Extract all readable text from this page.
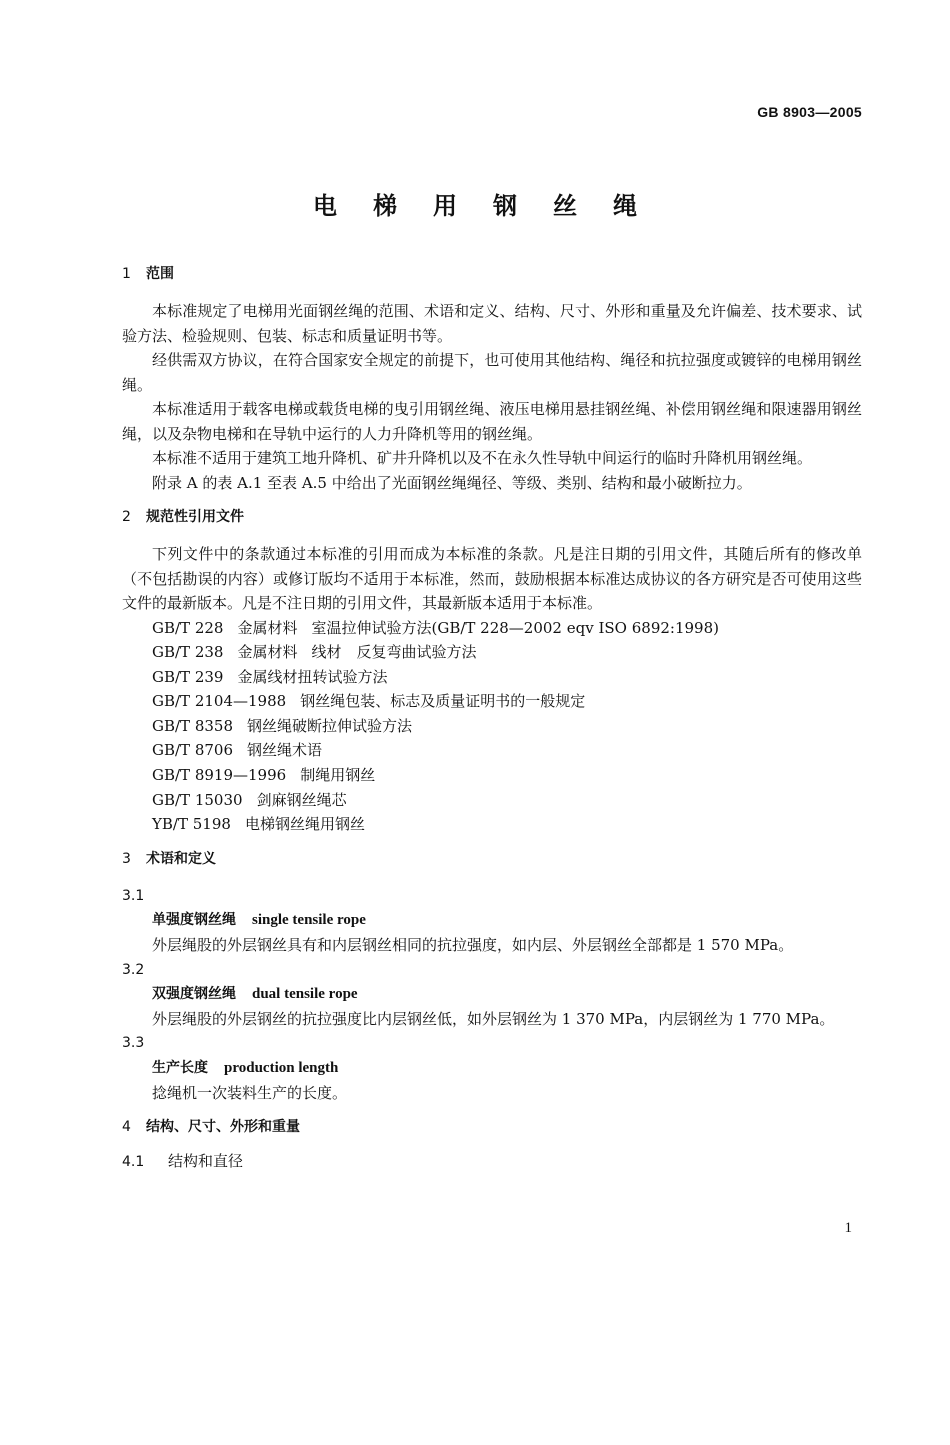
GB 8903—2005
电梯用钢丝绳

1 范围

本标准规定了电梯用光面钢丝绳的范围、术语和定义、结构、尺寸、外形和重量及允许偏差、技术要求、试验方法、检验规则、包装、标志和质量证明书等。

经供需双方协议，在符合国家安全规定的前提下，也可使用其他结构、绳径和抗拉强度或镀锌的电梯用钢丝绳。

本标准适用于载客电梯或载货电梯的曳引用钢丝绳、液压电梯用悬挂钢丝绳、补偿用钢丝绳和限速器用钢丝绳，以及杂物电梯和在导轨中运行的人力升降机等用的钢丝绳。

本标准不适用于建筑工地升降机、矿井升降机以及不在永久性导轨中间运行的临时升降机用钢丝绳。

附录 A 的表 A.1 至表 A.5 中给出了光面钢丝绳绳径、等级、类别、结构和最小破断拉力。

2 规范性引用文件

下列文件中的条款通过本标准的引用而成为本标准的条款。凡是注日期的引用文件，其随后所有的修改单（不包括勘误的内容）或修订版均不适用于本标准，然而，鼓励根据本标准达成协议的各方研究是否可使用这些文件的最新版本。凡是不注日期的引用文件，其最新版本适用于本标准。

GB/T 228 金属材料 室温拉伸试验方法(GB/T 228—2002 eqv ISO 6892:1998)

GB/T 238 金属材料 线材　反复弯曲试验方法

GB/T 239 金属线材扭转试验方法

GB/T 2104—1988 钢丝绳包装、标志及质量证明书的一般规定

GB/T 8358 钢丝绳破断拉伸试验方法

GB/T 8706 钢丝绳术语

GB/T 8919—1996 制绳用钢丝

GB/T 15030 剑麻钢丝绳芯

YB/T 5198 电梯钢丝绳用钢丝

3 术语和定义

3.1

单强度钢丝绳 single tensile rope

外层绳股的外层钢丝具有和内层钢丝相同的抗拉强度，如内层、外层钢丝全部都是 1 570 MPa。

3.2

双强度钢丝绳 dual tensile rope

外层绳股的外层钢丝的抗拉强度比内层钢丝低，如外层钢丝为 1 370 MPa，内层钢丝为 1 770 MPa。

3.3

生产长度 production length

捻绳机一次装料生产的长度。

4 结构、尺寸、外形和重量

4.1 结构和直径

1
